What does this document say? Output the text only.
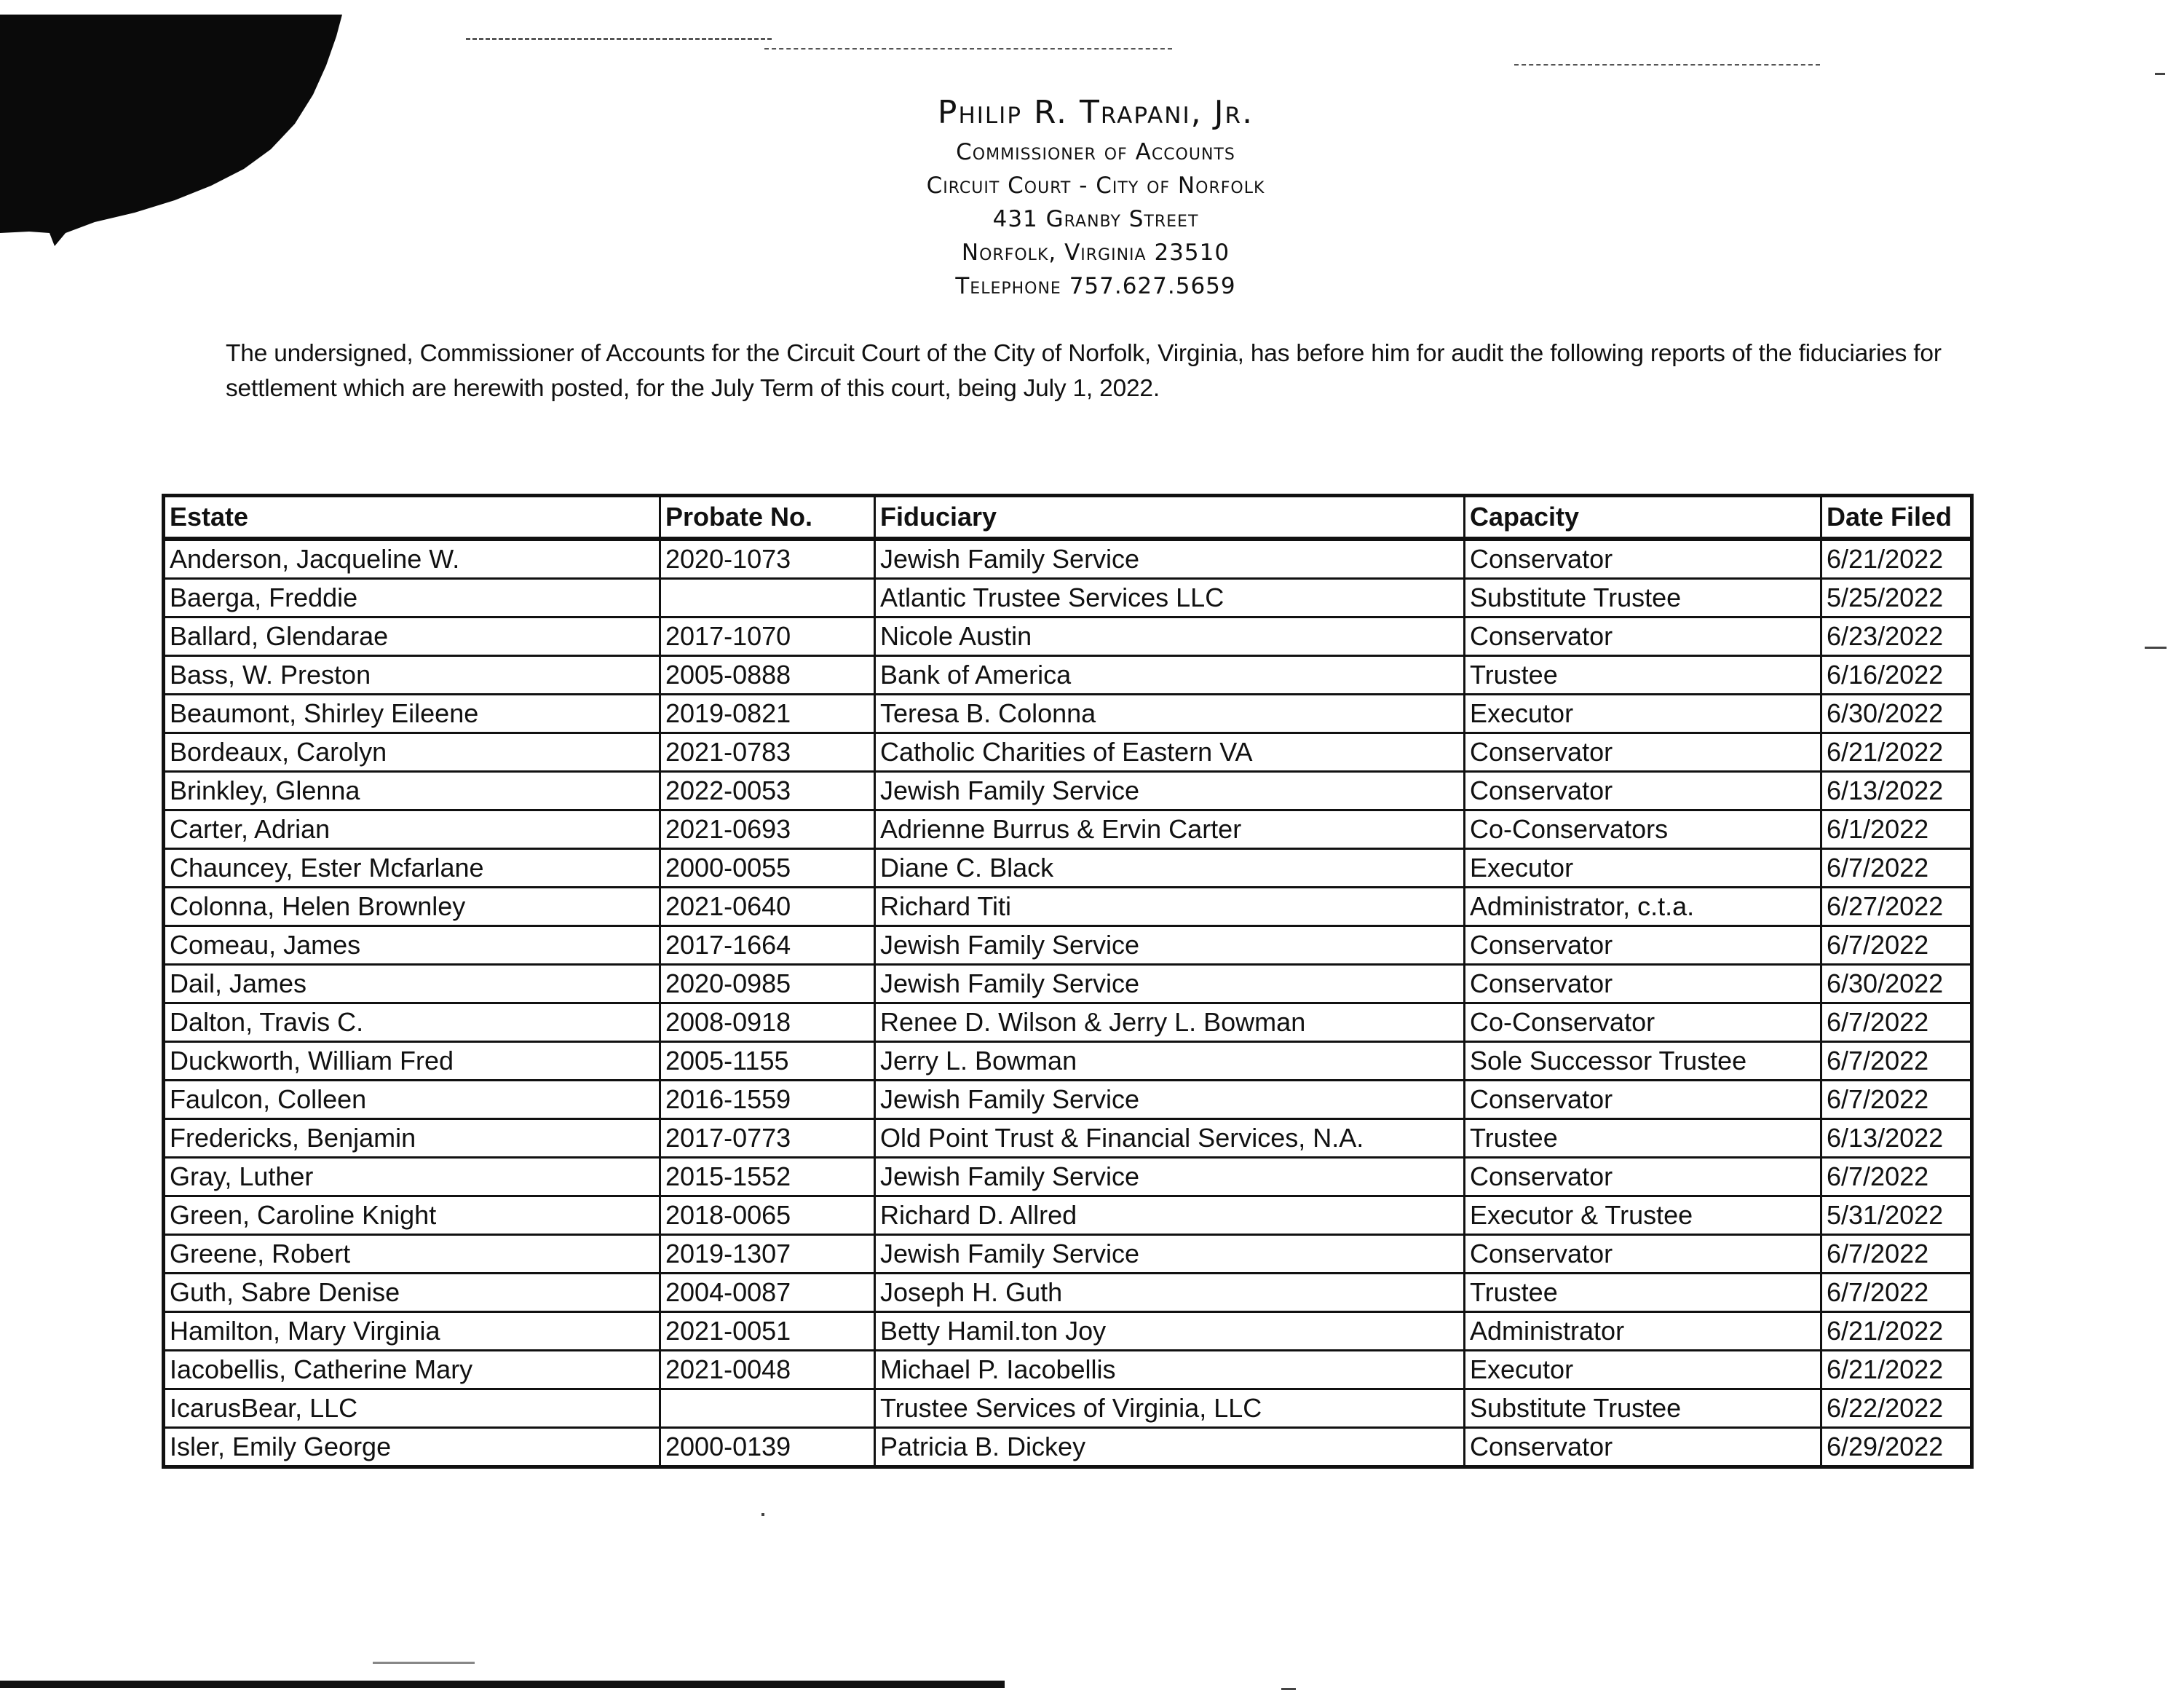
Philip R. Trapani, Jr.
Commissioner of Accounts
Circuit Court - City of Norfolk
431 Granby Street
Norfolk, Virginia 23510
Telephone 757.627.5659
The undersigned, Commissioner of Accounts for the Circuit Court of the City of Norfolk, Virginia, has before him for audit the following reports of the fiduciaries for settlement which are herewith posted, for the July Term of this court, being July 1, 2022.
Estate	Probate No.	Fiduciary	Capacity	Date Filed
Anderson, Jacqueline W.	2020-1073	Jewish Family Service	Conservator	6/21/2022
Baerga, Freddie		Atlantic Trustee Services LLC	Substitute Trustee	5/25/2022
Ballard, Glendarae	2017-1070	Nicole Austin	Conservator	6/23/2022
Bass, W. Preston	2005-0888	Bank of America	Trustee	6/16/2022
Beaumont, Shirley Eileene	2019-0821	Teresa B. Colonna	Executor	6/30/2022
Bordeaux, Carolyn	2021-0783	Catholic Charities of Eastern VA	Conservator	6/21/2022
Brinkley, Glenna	2022-0053	Jewish Family Service	Conservator	6/13/2022
Carter, Adrian	2021-0693	Adrienne Burrus & Ervin Carter	Co-Conservators	6/1/2022
Chauncey, Ester Mcfarlane	2000-0055	Diane C. Black	Executor	6/7/2022
Colonna, Helen Brownley	2021-0640	Richard Titi	Administrator, c.t.a.	6/27/2022
Comeau, James	2017-1664	Jewish Family Service	Conservator	6/7/2022
Dail, James	2020-0985	Jewish Family Service	Conservator	6/30/2022
Dalton, Travis C.	2008-0918	Renee D. Wilson & Jerry L. Bowman	Co-Conservator	6/7/2022
Duckworth, William Fred	2005-1155	Jerry L. Bowman	Sole Successor Trustee	6/7/2022
Faulcon, Colleen	2016-1559	Jewish Family Service	Conservator	6/7/2022
Fredericks, Benjamin	2017-0773	Old Point Trust & Financial Services, N.A.	Trustee	6/13/2022
Gray, Luther	2015-1552	Jewish Family Service	Conservator	6/7/2022
Green, Caroline Knight	2018-0065	Richard D. Allred	Executor & Trustee	5/31/2022
Greene, Robert	2019-1307	Jewish Family Service	Conservator	6/7/2022
Guth, Sabre Denise	2004-0087	Joseph H. Guth	Trustee	6/7/2022
Hamilton, Mary Virginia	2021-0051	Betty Hamil.ton Joy	Administrator	6/21/2022
Iacobellis, Catherine Mary	2021-0048	Michael P. Iacobellis	Executor	6/21/2022
IcarusBear, LLC		Trustee Services of Virginia, LLC	Substitute Trustee	6/22/2022
Isler, Emily George	2000-0139	Patricia B. Dickey	Conservator	6/29/2022
